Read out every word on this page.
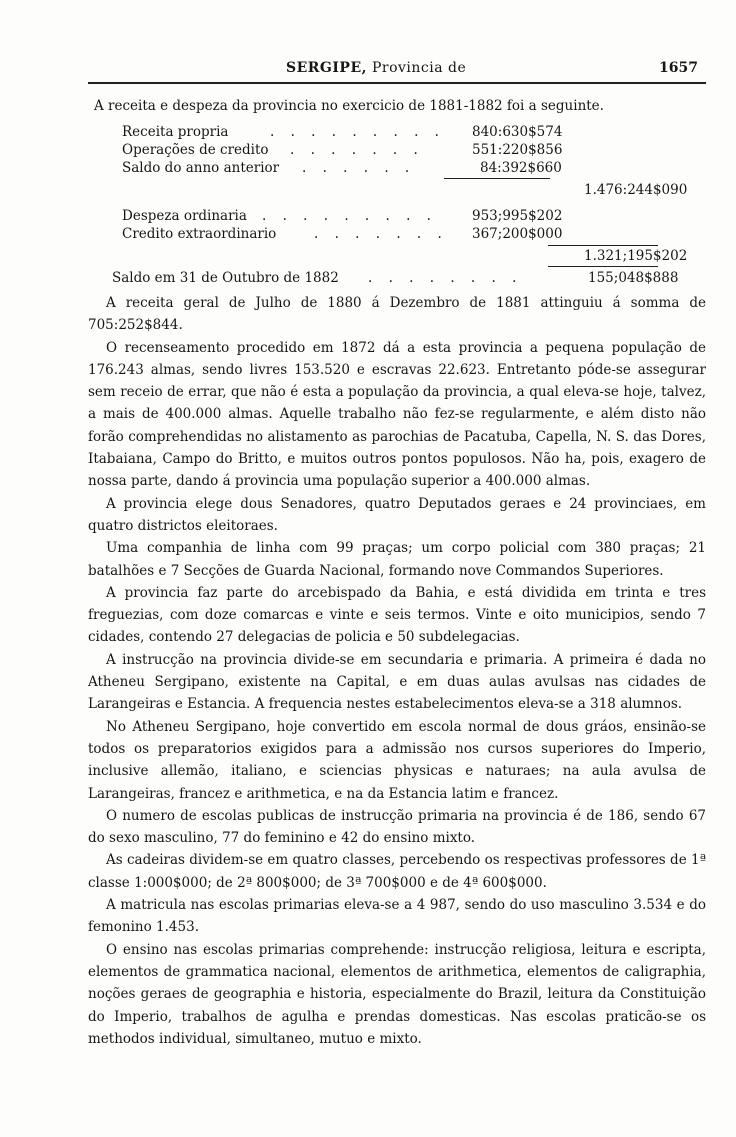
SERGIPE, Provincia de	1657
A receita e despeza da provincia no exercicio de 1881-1882 foi a seguinte.
Receita propria	. . . . . . . . . 840:630$574
Operações de credito . . . . . . .	551:220$856
Saldo do anno anterior . . . . . .	84:392$660
1.476:244$090
Despeza ordinaria . . . . . . . . .	953;995$202
Credito extraordinario	. . . . . . . 367;200$000
1.321;195$202
Saldo em 31 de Outubro de 1882 . . . . . . . .	155;048$888

A receita geral de Julho de 1880 á Dezembro de 1881 attinguiu á somma de 705:252$844.

O recenseamento procedido em 1872 dá a esta provincia a pequena população de 176.243 almas, sendo livres 153.520 e escravas 22.623. Entretanto póde-se assegurar sem receio de errar, que não é esta a população da provincia, a qual eleva-se hoje, talvez, a mais de 400.000 almas. Aquelle trabalho não fez-se regularmente, e além disto não forão comprehendidas no alistamento as parochias de Pacatuba, Capella, N. S. das Dores, Itabaiana, Campo do Britto, e muitos outros pontos populosos. Não ha, pois, exagero de nossa parte, dando á provincia uma população superior a 400.000 almas.

A provincia elege dous Senadores, quatro Deputados geraes e 24 provinciaes, em quatro districtos eleitoraes.

Uma companhia de linha com 99 praças; um corpo policial com 380 praças; 21 batalhões e 7 Secções de Guarda Nacional, formando nove Commandos Superiores.

A provincia faz parte do arcebispado da Bahia, e está dividida em trinta e tres freguezias, com doze comarcas e vinte e seis termos. Vinte e oito municipios, sendo 7 cidades, contendo 27 delegacias de policia e 50 subdelegacias.

A instrucção na provincia divide-se em secundaria e primaria. A primeira é dada no Atheneu Sergipano, existente na Capital, e em duas aulas avulsas nas cidades de Larangeiras e Estancia. A frequencia nestes estabelecimentos eleva-se a 318 alumnos.

No Atheneu Sergipano, hoje convertido em escola normal de dous gráos, ensinão-se todos os preparatorios exigidos para a admissão nos cursos superiores do Imperio, inclusive allemão, italiano, e sciencias physicas e naturaes; na aula avulsa de Larangeiras, francez e arithmetica, e na da Estancia latim e francez.

O numero de escolas publicas de instrucção primaria na provincia é de 186, sendo 67 do sexo masculino, 77 do feminino e 42 do ensino mixto.

As cadeiras dividem-se em quatro classes, percebendo os respectivas professores de 1ª classe 1:000$000; de 2ª 800$000; de 3ª 700$000 e de 4ª 600$000.

A matricula nas escolas primarias eleva-se a 4 987, sendo do uso masculino 3.534 e do femonino 1.453.

O ensino nas escolas primarias comprehende: instrucção religiosa, leitura e escripta, elementos de grammatica nacional, elementos de arithmetica, elementos de caligraphia, noções geraes de geographia e historia, especialmente do Brazil, leitura da Constituição do Imperio, trabalhos de agulha e prendas domesticas. Nas escolas praticão-se os methodos individual, simultaneo, mutuo e mixto.
